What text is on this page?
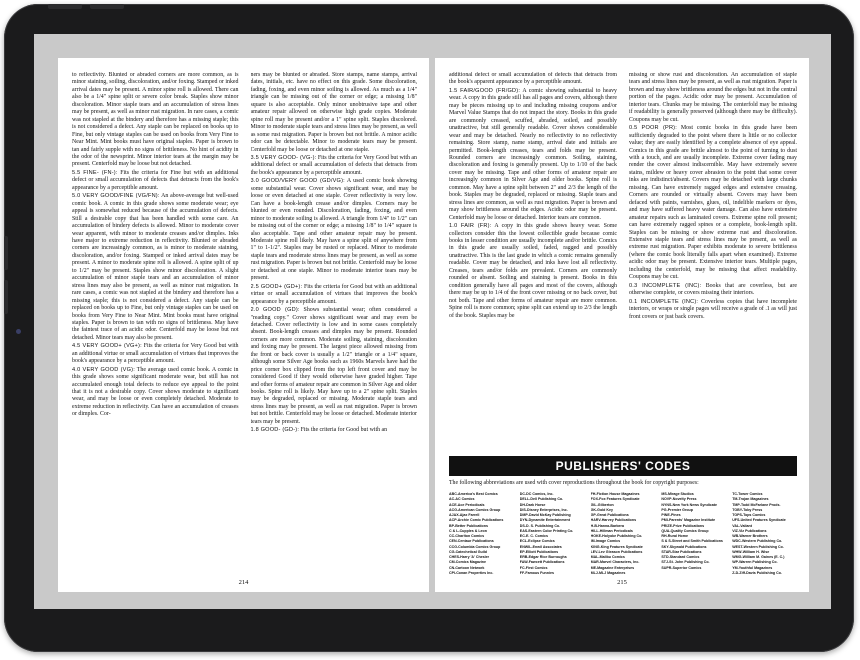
to reflectivity. Blunted or abraded corners are more common, as is minor staining, soiling, discoloration, and/or foxing. Stamped or inked arrival dates may be present. A minor spine roll is allowed. There can also be a 1/4" spine split or severe color break. Staples show minor discoloration. Minor staple tears and an accumulation of stress lines may be present, as well as minor rust migration. In rare cases, a comic was not stapled at the bindery and therefore has a missing staple; this is not considered a defect. Any staple can be replaced on books up to Fine, but only vintage staples can be used on books from Very Fine to Near Mint. Mint books must have original staples. Paper is brown to tan and fairly supple with no signs of brittleness. No hint of acidity in the odor of the newsprint. Minor interior tears at the margin may be present. Centerfold may be loose but not detached.

5.5 FINE- (FN-): Fits the criteria for Fine but with an additional defect or small accumulation of defects that detracts from the book's appearance by a perceptible amount.

5.0 VERY GOOD/FINE (VG/FN): An above-average but well-used comic book. A comic in this grade shows some moderate wear; eye appeal is somewhat reduced because of the accumulation of defects. Still a desirable copy that has been handled with some care. An accumulation of bindery defects is allowed. Minor to moderate cover wear apparent, with minor to moderate creases and/or dimples. Inks have major to extreme reduction in reflectivity. Blunted or abraded corners are increasingly common, as is minor to moderate staining, discoloration, and/or foxing. Stamped or inked arrival dates may be present. A minor to moderate spine roll is allowed. A spine split of up to 1/2" may be present. Staples show minor discoloration. A slight accumulation of minor staple tears and an accumulation of minor stress lines may also be present, as well as minor rust migration. In rare cases, a comic was not stapled at the bindery and therefore has a missing staple; this is not considered a defect. Any staple can be replaced on books up to Fine, but only vintage staples can be used on books from Very Fine to Near Mint. Mint books must have original staples. Paper is brown to tan with no signs of brittleness. May have the faintest trace of an acidic odor. Centerfold may be loose but not detached. Minor tears may also be present.

4.5 VERY GOOD+ (VG+): Fits the criteria for Very Good but with an additional virtue or small accumulation of virtues that improves the book's appearance by a perceptible amount.

4.0 VERY GOOD (VG): The average used comic book. A comic in this grade shows some significant moderate wear, but still has not accumulated enough total defects to reduce eye appeal to the point that it is not a desirable copy. Cover shows moderate to significant wear, and may be loose or even completely detached. Moderate to extreme reduction in reflectivity. Can have an accumulation of creases or dimples. Cor-

ners may be blunted or abraded. Store stamps, name stamps, arrival dates, initials, etc. have no effect on this grade. Some discoloration, fading, foxing, and even minor soiling is allowed. As much as a 1/4" triangle can be missing out of the corner or edge; a missing 1/8" square is also acceptable. Only minor unobtrusive tape and other amateur repair allowed on otherwise high grade copies. Moderate spine roll may be present and/or a 1" spine split. Staples discolored. Minor to moderate staple tears and stress lines may be present, as well as some rust migration. Paper is brown but not brittle. A minor acidic odor can be detectable. Minor to moderate tears may be present. Centerfold may be loose or detached at one staple.

3.5 VERY GOOD- (VG-): Fits the criteria for Very Good but with an additional defect or small accumulation of defects that detracts from the book's appearance by a perceptible amount.

3.0 GOOD/VERY GOOD (GD/VG): A used comic book showing some substantial wear. Cover shows significant wear, and may be loose or even detached at one staple. Cover reflectivity is very low. Can have a book-length crease and/or dimples. Corners may be blunted or even rounded. Discoloration, fading, foxing, and even minor to moderate soiling is allowed. A triangle from 1/4" to 1/2" can be missing out of the corner or edge; a missing 1/8" to 1/4" square is also acceptable. Tape and other amateur repair may be present. Moderate spine roll likely. May have a spine split of anywhere from 1" to 1-1/2". Staples may be rusted or replaced. Minor to moderate staple tears and moderate stress lines may be present, as well as some rust migration. Paper is brown but not brittle. Centerfold may be loose or detached at one staple. Minor to moderate interior tears may be present.

2.5 GOOD+ (GD+): Fits the criteria for Good but with an additional virtue or small accumulation of virtues that improves the book's appearance by a perceptible amount.

2.0 GOOD (GD): Shows substantial wear; often considered a "reading copy." Cover shows significant wear and may even be detached. Cover reflectivity is low and in some cases completely absent. Book-length creases and dimples may be present. Rounded corners are more common. Moderate soiling, staining, discoloration and foxing may be present. The largest piece allowed missing from the front or back cover is usually a 1/2" triangle or a 1/4" square, although some Silver Age books such as 1960s Marvels have had the price corner box clipped from the top left front cover and may be considered Good if they would otherwise have graded higher. Tape and other forms of amateur repair are common in Silver Age and older books. Spine roll is likely. May have up to a 2" spine split. Staples may be degraded, replaced or missing. Moderate staple tears and stress lines may be present, as well as rust migration. Paper is brown but not brittle. Centerfold may be loose or detached. Moderate interior tears may be present.

1.8 GOOD- (GD-): Fits the criteria for Good but with an

214

additional defect or small accumulation of defects that detracts from the book's apparent appearance by a perceptible amount.

1.5 FAIR/GOOD (FR/GD): A comic showing substantial to heavy wear. A copy in this grade still has all pages and covers, although there may be pieces missing up to and including missing coupons and/or Marvel Value Stamps that do not impact the story. Books in this grade are commonly creased, scuffed, abraded, soiled, and possibly unattractive, but still generally readable. Cover shows considerable wear and may be detached. Nearly no reflectivity to no reflectivity remaining. Store stamp, name stamp, arrival date and initials are permitted. Book-length creases, tears and folds may be present. Rounded corners are increasingly common. Soiling, staining, discoloration and foxing is generally present. Up to 1/10 of the back cover may be missing. Tape and other forms of amateur repair are increasingly common in Silver Age and older books. Spine roll is common. May have a spine split between 2" and 2/3 the length of the book. Staples may be degraded, replaced or missing. Staple tears and stress lines are common, as well as rust migration. Paper is brown and may show brittleness around the edges. Acidic odor may be present. Centerfold may be loose or detached. Interior tears are common.

1.0 FAIR (FR): A copy in this grade shows heavy wear. Some collectors consider this the lowest collectible grade because comic books in lesser condition are usually incomplete and/or brittle. Comics in this grade are usually soiled, faded, ragged and possibly unattractive. This is the last grade in which a comic remains generally readable. Cover may be detached, and inks have lost all reflectivity. Creases, tears and/or folds are prevalent. Corners are commonly rounded or absent. Soiling and staining is present. Books in this condition generally have all pages and most of the covers, although there may be up to 1/4 of the front cover missing or no back cover, but not both. Tape and other forms of amateur repair are more common. Spine roll is more common; spine split can extend up to 2/3 the length of the book. Staples may be

missing or show rust and discoloration. An accumulation of staple tears and stress lines may be present, as well as rust migration. Paper is brown and may show brittleness around the edges but not in the central portion of the pages. Acidic odor may be present. Accumulation of interior tears. Chunks may be missing. The centerfold may be missing if readability is generally preserved (although there may be difficulty). Coupons may be cut.

0.5 POOR (PR): Most comic books in this grade have been sufficiently degraded to the point where there is little or no collector value; they are easily identified by a complete absence of eye appeal. Comics in this grade are brittle almost to the point of turning to dust with a touch, and are usually incomplete. Extreme cover fading may render the cover almost indiscernible. May have extremely severe stains, mildew or heavy cover abrasion to the point that some cover inks are indistinct/absent. Covers may be detached with large chunks missing. Can have extremely ragged edges and extensive creasing. Corners are rounded or virtually absent. Covers may have been defaced with paints, varnishes, glues, oil, indelible markers or dyes, and may have suffered heavy water damage. Can also have extensive amateur repairs such as laminated covers. Extreme spine roll present; can have extremely ragged spines or a complete, book-length split. Staples can be missing or show extreme rust and discoloration. Extensive staple tears and stress lines may be present, as well as extreme rust migration. Paper exhibits moderate to severe brittleness (where the comic book literally falls apart when examined). Extreme acidic odor may be present. Extensive interior tears. Multiple pages, including the centerfold, may be missing that affect readability. Coupons may be cut.

0.3 INCOMPLETE (INC): Books that are coverless, but are otherwise complete, or covers missing their interiors.

0.1 INCOMPLETE (INC): Coverless copies that have incomplete interiors, or wraps or single pages will receive a grade of .1 as will just front covers or just back covers.

PUBLISHERS' CODES
The following abbreviations are used with cover reproductions throughout the book for copyright purposes:
ABC-America's Best Comics
AC-AC Comics
ACE-Ace Periodicals
ACG-American Comics Group
AJAX-Ajax Farrell
ACP-Archie Comic Publications
BP-Better Publications
C & L-Cupples & Leon
CC-Charlton Comics
CEN-Centaur Publications
CCG-Columbia Comics Group
CG-Catechetical Guild
CHES-Harry 'A' Chesler
CM-Comics Magazine
CN-Cartoon Network
CPI-Conan Properties Inc.
DC-DC Comics, Inc.
DELL-Dell Publishing Co.
DH-Dark Horse
DIS-Disney Enterprises, Inc.
DMP-David McKay Publishing
DYN-Dynamite Entertainment
DS-D. S. Publishing Co.
EAS-Eastern Color Printing Co.
EC-E. C. Comics
ECL-Eclipse Comics
ENWIL-Enwil Associates
EP-Elliott Publications
ERB-Edgar Rice Burroughs
FAW-Fawcett Publications
FC-First Comics
FF-Famous Funnies
FH-Fiction House Magazines
FOX-Fox Features Syndicate
GIL-Gilberton
GK-Gold Key
GP-Great Publications
HARV-Harvey Publications
H-B-Hanna-Barbera
HILL-Hillman Periodicals
HOKE-Holyoke Publishing Co.
IM-Image Comics
KING-King Features Syndicate
LEV-Lev Gleason Publications
MAL-Malibu Comics
MAR-Marvel Characters, Inc.
ME-Magazine Enterprises
MLJ-MLJ Magazines
MS-Mirage Studios
NOVP-Novelty Press
NYNS-New York News Syndicate
PG-Premier Group
PINE-Pines
PMI-Parents' Magazine Institute
PRIZE-Prize Publications
QUA-Quality Comics Group
RH-Rural Home
S & S-Street and Smith Publications
SKY-Skywald Publications
STAR-Star Publications
STD-Standard Comics
STJ-St. John Publishing Co.
SUPR-Superior Comics
TC-Tower Comics
TM-Trojan Magazines
TMP-Todd McFarlane Prods.
TOBY-Toby Press
TOPS-Tops Comics
UFS-United Features Syndicate
VAL-Valiant
VIZ-Viz Publications
WB-Warner Brothers
WDC-Western Publishing Co.
WEST-Western Publishing Co.
WHW-William H. Wise
WMG-William M. Gaines (E. C.)
WP-Warren Publishing Co.
YM-Youthful Magazines
Z-D-Ziff-Davis Publishing Co.
215
